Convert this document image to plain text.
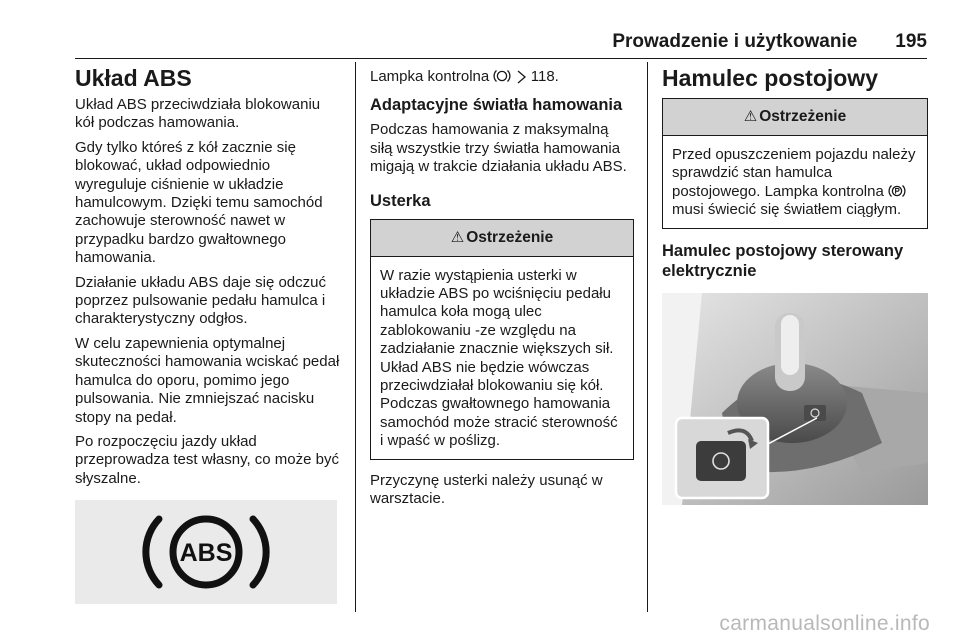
Prowadzenie i użytkowanie 195
Układ ABS

Układ ABS przeciwdziała blokowaniu kół podczas hamowania.

Gdy tylko któreś z kół zacznie się blokować, układ odpowiednio wyreguluje ciśnienie w układzie hamulcowym. Dzięki temu samochód zachowuje sterowność nawet w przypadku bardzo gwałtownego hamowania.

Działanie układu ABS daje się odczuć poprzez pulsowanie pedału hamulca i charakterystyczny odgłos.

W celu zapewnienia optymalnej skuteczności hamowania wciskać pedał hamulca do oporu, pomimo jego pulsowania. Nie zmniejszać nacisku stopy na pedał.

Po rozpoczęciu jazdy układ przeprowadza test własny, co może być słyszalne.

ABS

Lampka kontrolna	118.

Adaptacyjne światła hamowania

Podczas hamowania z maksymalną siłą wszystkie trzy światła hamowania migają w trakcie działania układu ABS.

Usterka
⚠ Ostrzeżenie
W razie wystąpienia usterki w układzie ABS po wciśnięciu pedału hamulca koła mogą ulec zablokowaniu -ze względu na zadziałanie znacznie większych sił. Układ ABS nie będzie wówczas przeciwdziałał blokowaniu się kół. Podczas gwałtownego hamowania samochód może stracić sterowność i wpaść w poślizg.

Przyczynę usterki należy usunąć w warsztacie.

Hamulec postojowy
⚠ Ostrzeżenie
Przed opuszczeniem pojazdu należy sprawdzić stan hamulca postojowego. Lampka kontrolna  musi świecić się światłem ciągłym.
Hamulec postojowy sterowany elektrycznie
carmanualsonline.info
